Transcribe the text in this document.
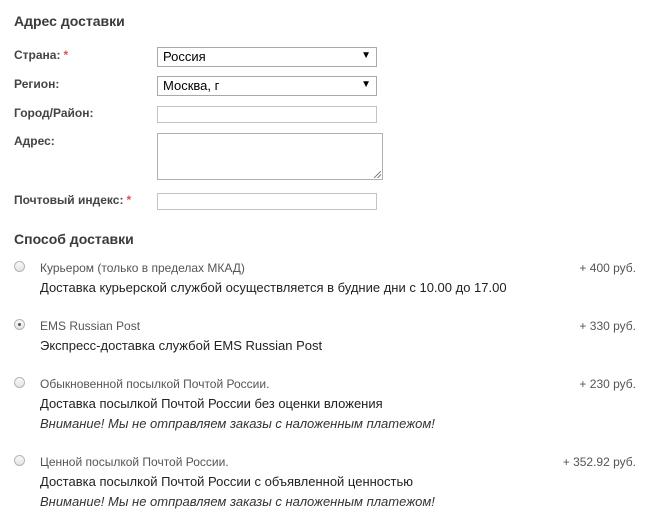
Адрес доставки
Страна: *	Россия	▼
Регион:	Москва, г	▼
Город/Район:
Адрес:
Почтовый индекс: *
Способ доставки
Курьером (только в пределах МКАД)	+ 400 руб.
Доставка курьерской службой осуществляется в будние дни с 10.00 до 17.00
EMS Russian Post	+ 330 руб.
Экспресс-доставка службой EMS Russian Post
Обыкновенной посылкой Почтой России.	+ 230 руб.
Доставка посылкой Почтой России без оценки вложения
Внимание! Мы не отправляем заказы с наложенным платежом!
Ценной посылкой Почтой России.	+ 352.92 руб.
Доставка посылкой Почтой России с объявленной ценностью
Внимание! Мы не отправляем заказы с наложенным платежом!
